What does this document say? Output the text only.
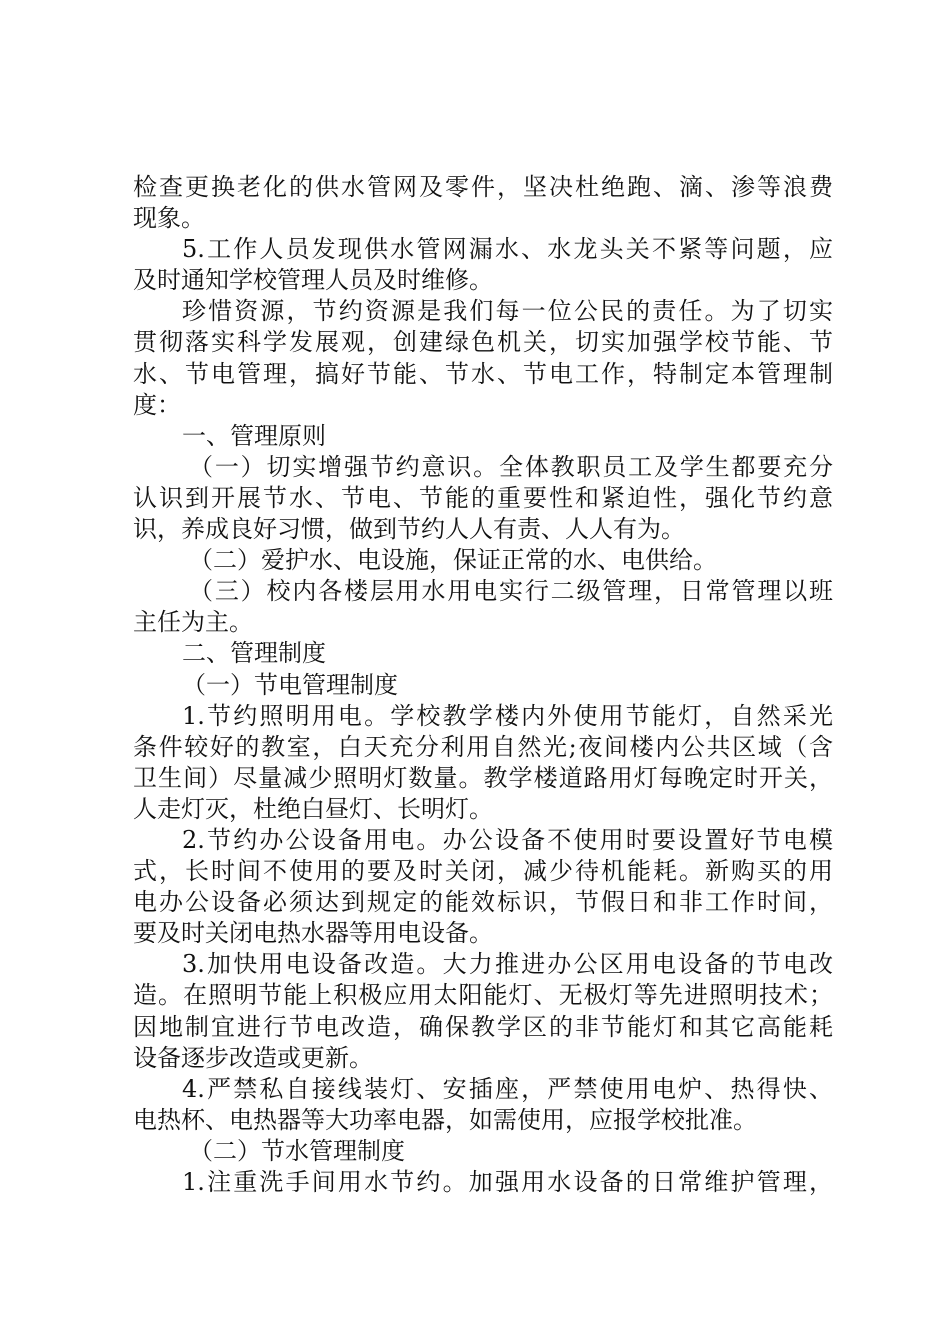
检查更换老化的供水管网及零件，坚决杜绝跑、滴、渗等浪费
现象。
5.工作人员发现供水管网漏水、水龙头关不紧等问题，应
及时通知学校管理人员及时维修。
珍惜资源，节约资源是我们每一位公民的责任。为了切实
贯彻落实科学发展观，创建绿色机关，切实加强学校节能、节
水、节电管理，搞好节能、节水、节电工作，特制定本管理制
度：
一、管理原则
（一）切实增强节约意识。全体教职员工及学生都要充分
认识到开展节水、节电、节能的重要性和紧迫性，强化节约意
识，养成良好习惯，做到节约人人有责、人人有为。
（二）爱护水、电设施，保证正常的水、电供给。
（三）校内各楼层用水用电实行二级管理，日常管理以班
主任为主。
二、管理制度
（一）节电管理制度
1.节约照明用电。学校教学楼内外使用节能灯，自然采光
条件较好的教室，白天充分利用自然光;夜间楼内公共区域（含
卫生间）尽量减少照明灯数量。教学楼道路用灯每晚定时开关，
人走灯灭，杜绝白昼灯、长明灯。
2.节约办公设备用电。办公设备不使用时要设置好节电模
式，长时间不使用的要及时关闭，减少待机能耗。新购买的用
电办公设备必须达到规定的能效标识，节假日和非工作时间，
要及时关闭电热水器等用电设备。
3.加快用电设备改造。大力推进办公区用电设备的节电改
造。在照明节能上积极应用太阳能灯、无极灯等先进照明技术；
因地制宜进行节电改造，确保教学区的非节能灯和其它高能耗
设备逐步改造或更新。
4.严禁私自接线装灯、安插座，严禁使用电炉、热得快、
电热杯、电热器等大功率电器，如需使用，应报学校批准。
（二）节水管理制度
1.注重洗手间用水节约。加强用水设备的日常维护管理，
